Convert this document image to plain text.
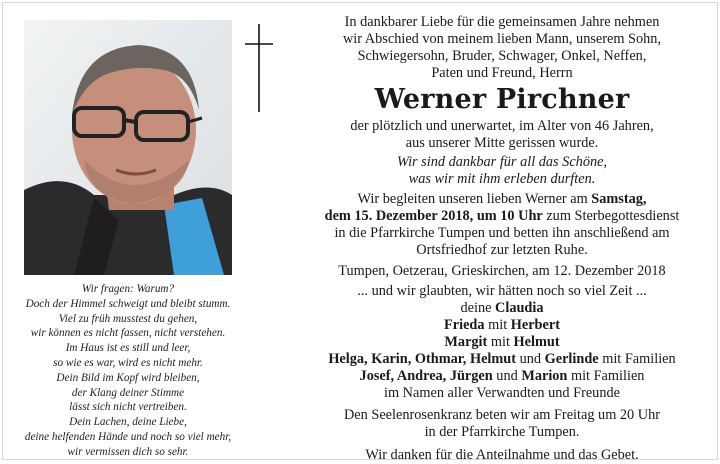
Wir fragen: Warum?
Doch der Himmel schweigt und bleibt stumm.
Viel zu früh musstest du gehen,
wir können es nicht fassen, nicht verstehen.
Im Haus ist es still und leer,
so wie es war, wird es nicht mehr.
Dein Bild im Kopf wird bleiben,
der Klang deiner Stimme
lässt sich nicht vertreiben.
Dein Lachen, deine Liebe,
deine helfenden Hände und noch so viel mehr,
wir vermissen dich so sehr.
In dankbarer Liebe für die gemeinsamen Jahre nehmen
wir Abschied von meinem lieben Mann, unserem Sohn,
Schwiegersohn, Bruder, Schwager, Onkel, Neffen,
Paten und Freund, Herrn
Werner Pirchner
der plötzlich und unerwartet, im Alter von 46 Jahren,
aus unserer Mitte gerissen wurde.
Wir sind dankbar für all das Schöne,
was wir mit ihm erleben durften.
Wir begleiten unseren lieben Werner am Samstag,
dem 15. Dezember 2018, um 10 Uhr zum Sterbegottesdienst
in die Pfarrkirche Tumpen und betten ihn anschließend am
Ortsfriedhof zur letzten Ruhe.
Tumpen, Oetzerau, Grieskirchen, am 12. Dezember 2018
... und wir glaubten, wir hätten noch so viel Zeit ...
deine Claudia
Frieda mit Herbert
Margit mit Helmut
Helga, Karin, Othmar, Helmut und Gerlinde mit Familien
Josef, Andrea, Jürgen und Marion mit Familien
im Namen aller Verwandten und Freunde
Den Seelenrosenkranz beten wir am Freitag um 20 Uhr
in der Pfarrkirche Tumpen.
Wir danken für die Anteilnahme und das Gebet.
